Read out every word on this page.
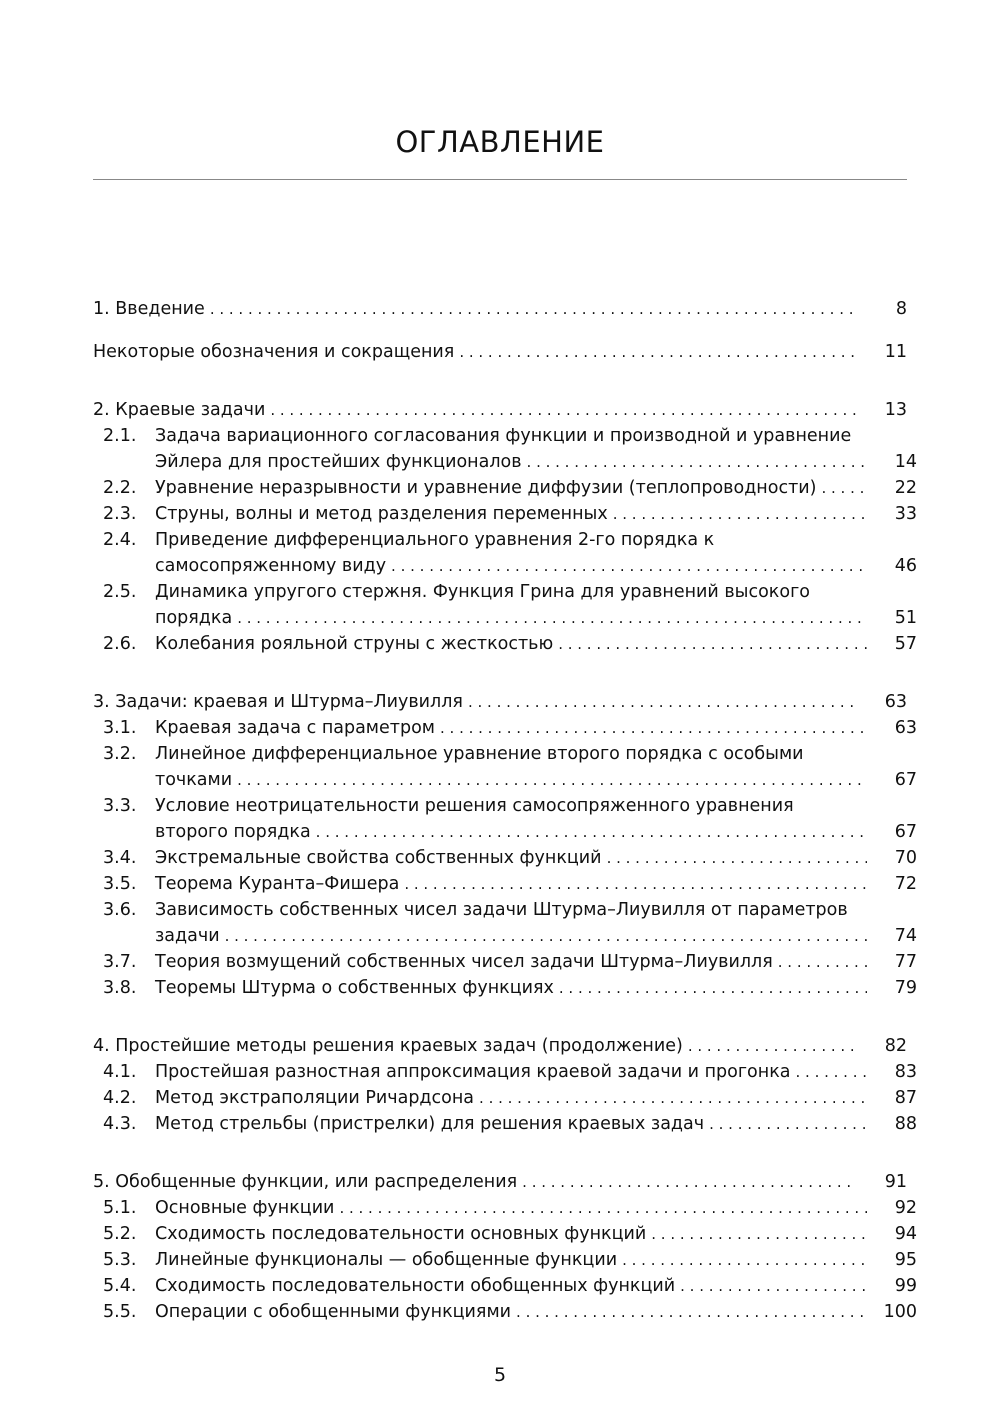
ОГЛАВЛЕНИЕ
1. Введение . . .	8
Некоторые обозначения и сокращения . . .	11
2. Краевые задачи . . .	13
2.1.	Задача вариационного согласования функции и производной и уравнение
Эйлера для простейших функционалов . . .	14
2.2.	Уравнение неразрывности и уравнение диффузии (теплопроводности) . . .	22
2.3.	Струны, волны и метод разделения переменных . . .	33
2.4.	Приведение дифференциального уравнения 2-го порядка к
самосопряженному виду . . .	46
2.5.	Динамика упругого стержня. Функция Грина для уравнений высокого
порядка . . .	51
2.6.	Колебания рояльной струны с жесткостью . . .	57
3. Задачи: краевая и Штурма–Лиувилля . . .	63
3.1.	Краевая задача с параметром . . .	63
3.2.	Линейное дифференциальное уравнение второго порядка с особыми
точками . . .	67
3.3.	Условие неотрицательности решения самосопряженного уравнения
второго порядка . . .	67
3.4.	Экстремальные свойства собственных функций . . .	70
3.5.	Теорема Куранта–Фишера . . .	72
3.6.	Зависимость собственных чисел задачи Штурма–Лиувилля от параметров
задачи . . .	74
3.7.	Теория возмущений собственных чисел задачи Штурма–Лиувилля . . .	77
3.8.	Теоремы Штурма о собственных функциях . . .	79
4. Простейшие методы решения краевых задач (продолжение) . . .	82
4.1.	Простейшая разностная аппроксимация краевой задачи и прогонка . . .	83
4.2.	Метод экстраполяции Ричардсона . . .	87
4.3.	Метод стрельбы (пристрелки) для решения краевых задач . . .	88
5. Обобщенные функции, или распределения . . .	91
5.1.	Основные функции . . .	92
5.2.	Сходимость последовательности основных функций . . .	94
5.3.	Линейные функционалы — обобщенные функции . . .	95
5.4.	Сходимость последовательности обобщенных функций . . .	99
5.5.	Операции с обобщенными функциями . . .	100
5
